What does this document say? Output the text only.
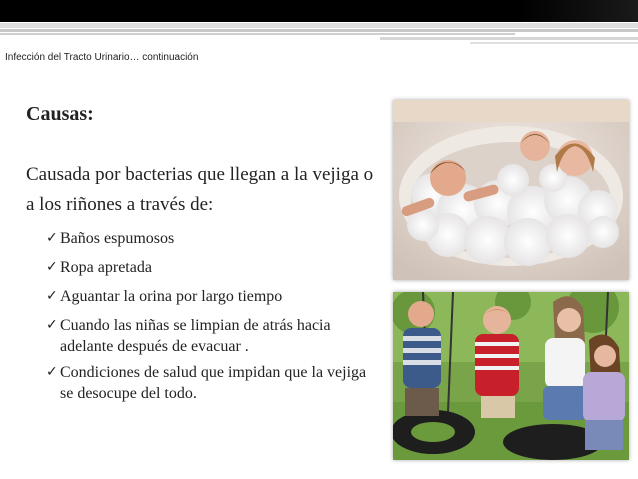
Infección del Tracto Urinario… continuación
Causas:
Causada por bacterias que llegan a la vejiga o a los riñones a través de:
✓ Baños espumosos
✓ Ropa apretada
✓ Aguantar la orina por largo tiempo
✓ Cuando las niñas se limpian de atrás hacia adelante después de evacuar .
✓ Condiciones de salud que impidan que la vejiga se desocupe del todo.
